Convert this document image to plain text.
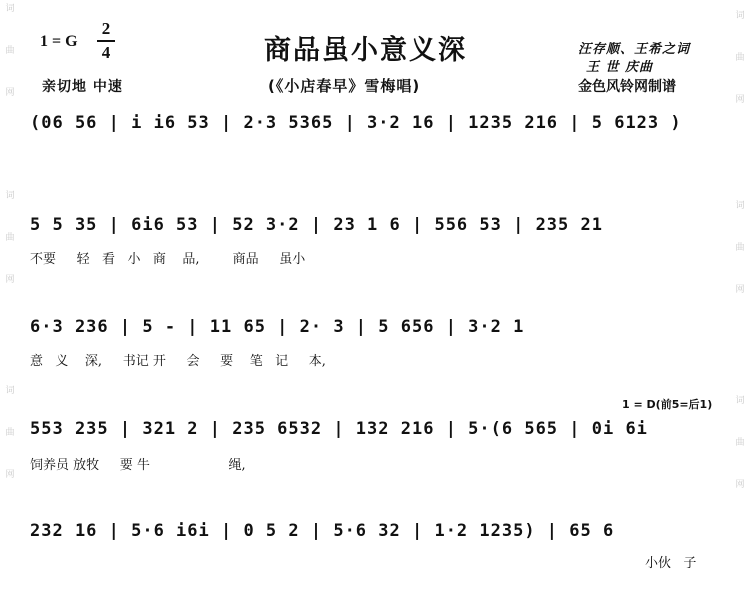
词
曲
网
词
曲
网
词
曲
网
词
曲
网
词
曲
网
词
曲
网
1 = G
2
4
亲切地 中速
商品虽小意义深
(《小店春早》雪梅唱)
汪存顺、王希之词
王 世 庆曲
金色风铃网制谱
(06 56 | i i6 53 | 2·3 5365 | 3·2 16 | 1235 216 | 5 6123 )
5 5 35 | 6i6 53 | 52 3·2 | 23 1 6 | 556 53 | 235 21
不要     轻   看   小   商    品,        商品     虽小
6·3 236 | 5 - | 11 65 | 2· 3 | 5 656 | 3·2 1
意   义    深,     书记 开     会     要    笔   记     本,
1 = D(前5=后1)
553 235 | 321 2 | 235 6532 | 132 216 | 5·(6 565 | 0i 6i
饲养员 放牧     要 牛                   绳,
232 16 | 5·6 i6i | 0 5 2 | 5·6 32 | 1·2 1235) | 65 6
小伙   子
